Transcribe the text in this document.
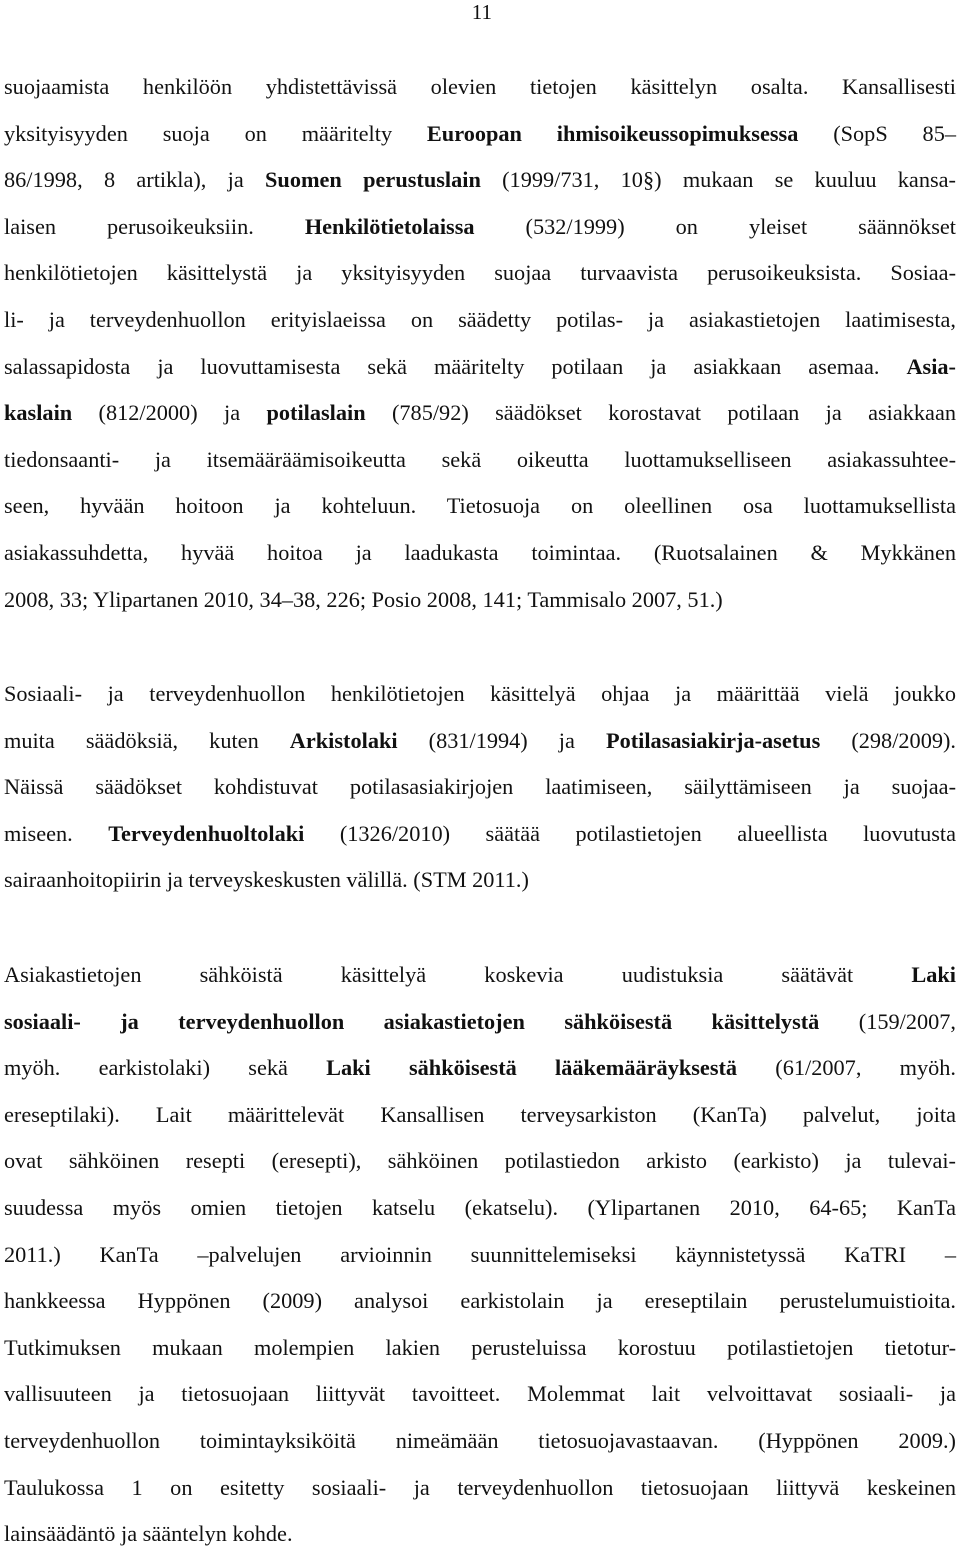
11
suojaamista henkilöön yhdistettävissä olevien tietojen käsittelyn osalta. Kansallisesti
yksityisyyden suoja on määritelty Euroopan ihmisoikeussopimuksessa (SopS 85–
86/1998, 8 artikla), ja Suomen perustuslain (1999/731, 10§) mukaan se kuuluu kansa-
laisen perusoikeuksiin. Henkilötietolaissa (532/1999) on yleiset säännökset
henkilötietojen käsittelystä ja yksityisyyden suojaa turvaavista perusoikeuksista. Sosiaa-
li- ja terveydenhuollon erityislaeissa on säädetty potilas- ja asiakastietojen laatimisesta,
salassapidosta ja luovuttamisesta sekä määritelty potilaan ja asiakkaan asemaa. Asia-
kaslain (812/2000) ja potilaslain (785/92) säädökset korostavat potilaan ja asiakkaan
tiedonsaanti- ja itsemääräämisoikeutta sekä oikeutta luottamukselliseen asiakassuhtee-
seen, hyvään hoitoon ja kohteluun. Tietosuoja on oleellinen osa luottamuksellista
asiakassuhdetta, hyvää hoitoa ja laadukasta toimintaa. (Ruotsalainen & Mykkänen
2008, 33; Ylipartanen 2010, 34–38, 226; Posio 2008, 141; Tammisalo 2007, 51.)
Sosiaali- ja terveydenhuollon henkilötietojen käsittelyä ohjaa ja määrittää vielä joukko
muita säädöksiä, kuten Arkistolaki (831/1994) ja Potilasasiakirja-asetus (298/2009).
Näissä säädökset kohdistuvat potilasasiakirjojen laatimiseen, säilyttämiseen ja suojaa-
miseen. Terveydenhuoltolaki (1326/2010) säätää potilastietojen alueellista luovutusta
sairaanhoitopiirin ja terveyskeskusten välillä. (STM 2011.)
Asiakastietojen sähköistä käsittelyä koskevia uudistuksia säätävät Laki
sosiaali- ja terveydenhuollon asiakastietojen sähköisestä käsittelystä (159/2007,
myöh. earkistolaki) sekä Laki sähköisestä lääkemääräyksestä (61/2007, myöh.
ereseptilaki). Lait määrittelevät Kansallisen terveysarkiston (KanTa) palvelut, joita
ovat sähköinen resepti (eresepti), sähköinen potilastiedon arkisto (earkisto) ja tulevai-
suudessa myös omien tietojen katselu (ekatselu). (Ylipartanen 2010, 64-65; KanTa
2011.) KanTa –palvelujen arvioinnin suunnittelemiseksi käynnistetyssä KaTRI –
hankkeessa Hyppönen (2009) analysoi earkistolain ja ereseptilain perustelumuistioita.
Tutkimuksen mukaan molempien lakien perusteluissa korostuu potilastietojen tietotur-
vallisuuteen ja tietosuojaan liittyvät tavoitteet. Molemmat lait velvoittavat sosiaali- ja
terveydenhuollon toimintayksiköitä nimeämään tietosuojavastaavan. (Hyppönen 2009.)
Taulukossa 1 on esitetty sosiaali- ja terveydenhuollon tietosuojaan liittyvä keskeinen
lainsäädäntö ja sääntelyn kohde.
